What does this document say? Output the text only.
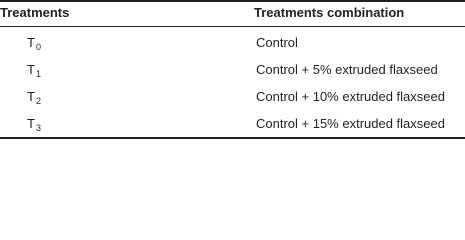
Treatments	Treatments combination
$T_0$	Control
$T_1$	Control + 5% extruded flaxseed
$T_2$	Control + 10% extruded flaxseed
$T_3$	Control + 15% extruded flaxseed
